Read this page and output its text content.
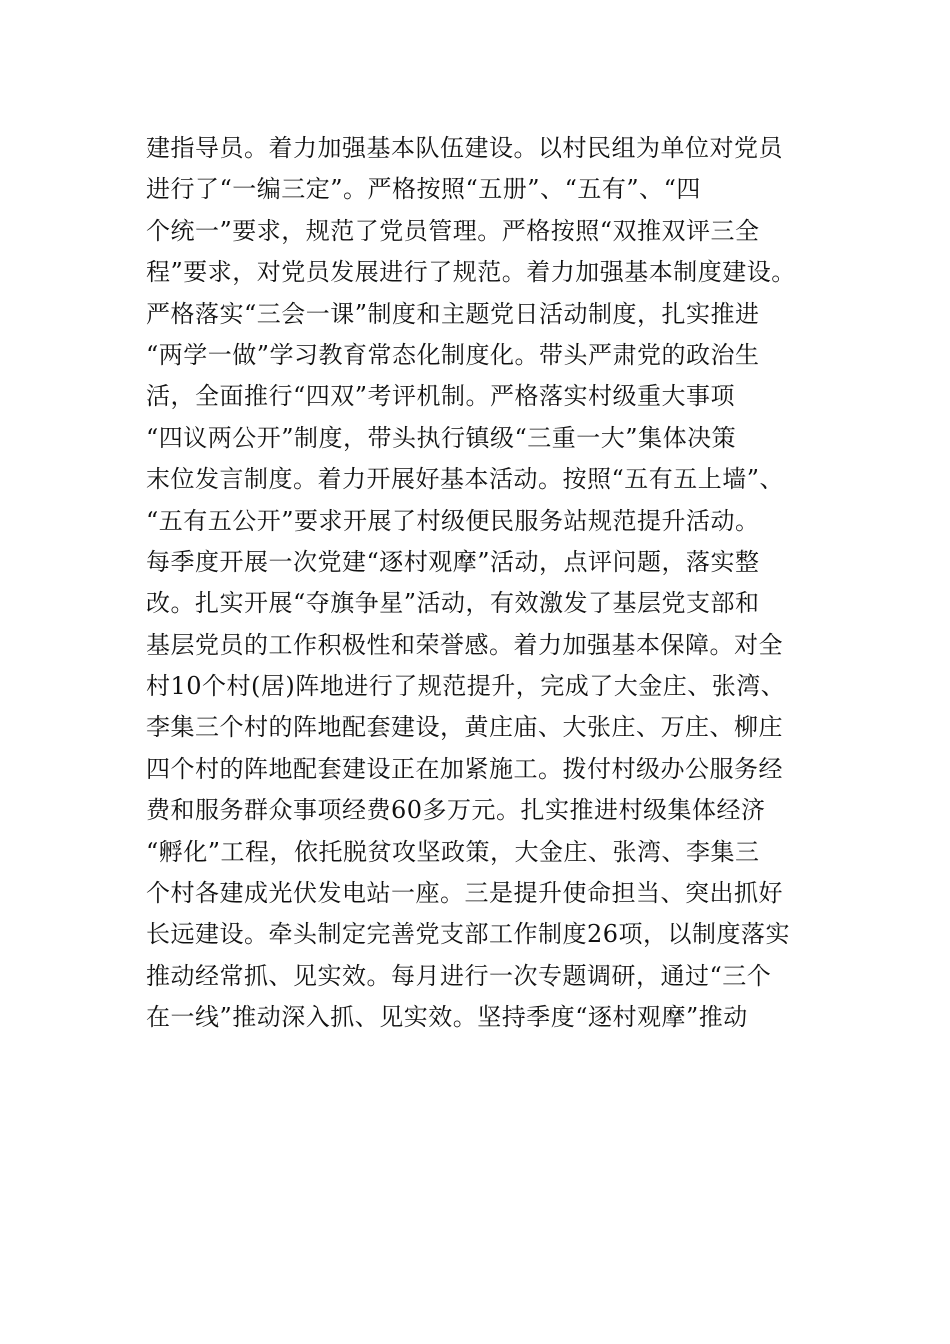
建指导员。着力加强基本队伍建设。以村民组为单位对党员
进行了“一编三定”。严格按照“五册”、“五有”、“四
个统一”要求，规范了党员管理。严格按照“双推双评三全
程”要求，对党员发展进行了规范。着力加强基本制度建设。
严格落实“三会一课”制度和主题党日活动制度，扎实推进
“两学一做”学习教育常态化制度化。带头严肃党的政治生
活，全面推行“四双”考评机制。严格落实村级重大事项
“四议两公开”制度，带头执行镇级“三重一大”集体决策
末位发言制度。着力开展好基本活动。按照“五有五上墙”、
“五有五公开”要求开展了村级便民服务站规范提升活动。
每季度开展一次党建“逐村观摩”活动，点评问题，落实整
改。扎实开展“夺旗争星”活动，有效激发了基层党支部和
基层党员的工作积极性和荣誉感。着力加强基本保障。对全
村10个村(居)阵地进行了规范提升，完成了大金庄、张湾、
李集三个村的阵地配套建设，黄庄庙、大张庄、万庄、柳庄
四个村的阵地配套建设正在加紧施工。拨付村级办公服务经
费和服务群众事项经费60多万元。扎实推进村级集体经济
“孵化”工程，依托脱贫攻坚政策，大金庄、张湾、李集三
个村各建成光伏发电站一座。三是提升使命担当、突出抓好
长远建设。牵头制定完善党支部工作制度26项，以制度落实
推动经常抓、见实效。每月进行一次专题调研，通过“三个
在一线”推动深入抓、见实效。坚持季度“逐村观摩”推动
